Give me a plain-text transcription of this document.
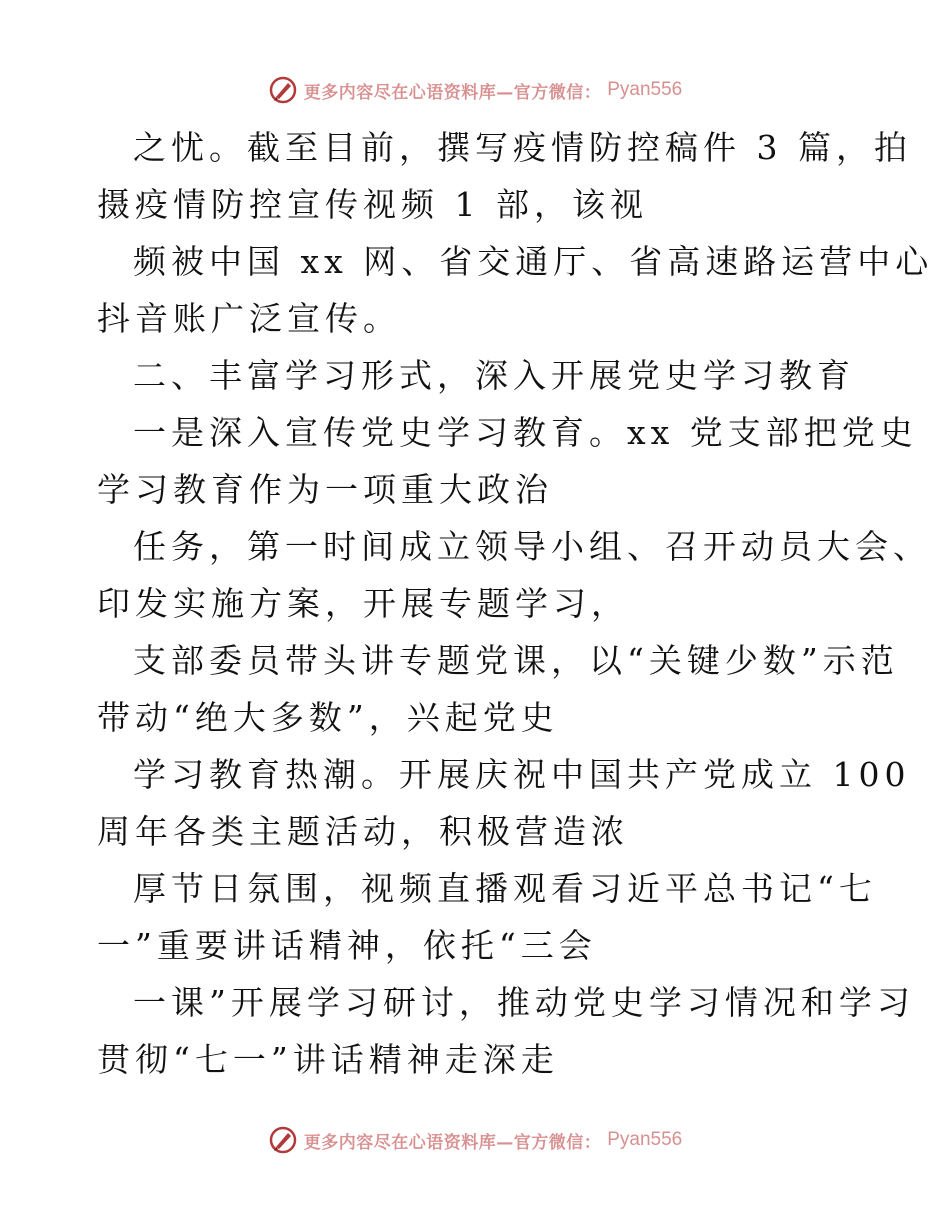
更多内容尽在心语资料库—官方微信： Pyan556
之忧。截至目前，撰写疫情防控稿件 3 篇，拍
摄疫情防控宣传视频 1 部，该视
频被中国 xx 网、省交通厅、省高速路运营中心
抖音账广泛宣传。
二、丰富学习形式，深入开展党史学习教育
一是深入宣传党史学习教育。xx 党支部把党史
学习教育作为一项重大政治
任务，第一时间成立领导小组、召开动员大会、
印发实施方案，开展专题学习，
支部委员带头讲专题党课，以“关键少数”示范
带动“绝大多数”，兴起党史
学习教育热潮。开展庆祝中国共产党成立 100
周年各类主题活动，积极营造浓
厚节日氛围，视频直播观看习近平总书记“七
一”重要讲话精神，依托“三会
一课”开展学习研讨，推动党史学习情况和学习
贯彻“七一”讲话精神走深走
更多内容尽在心语资料库—官方微信： Pyan556
